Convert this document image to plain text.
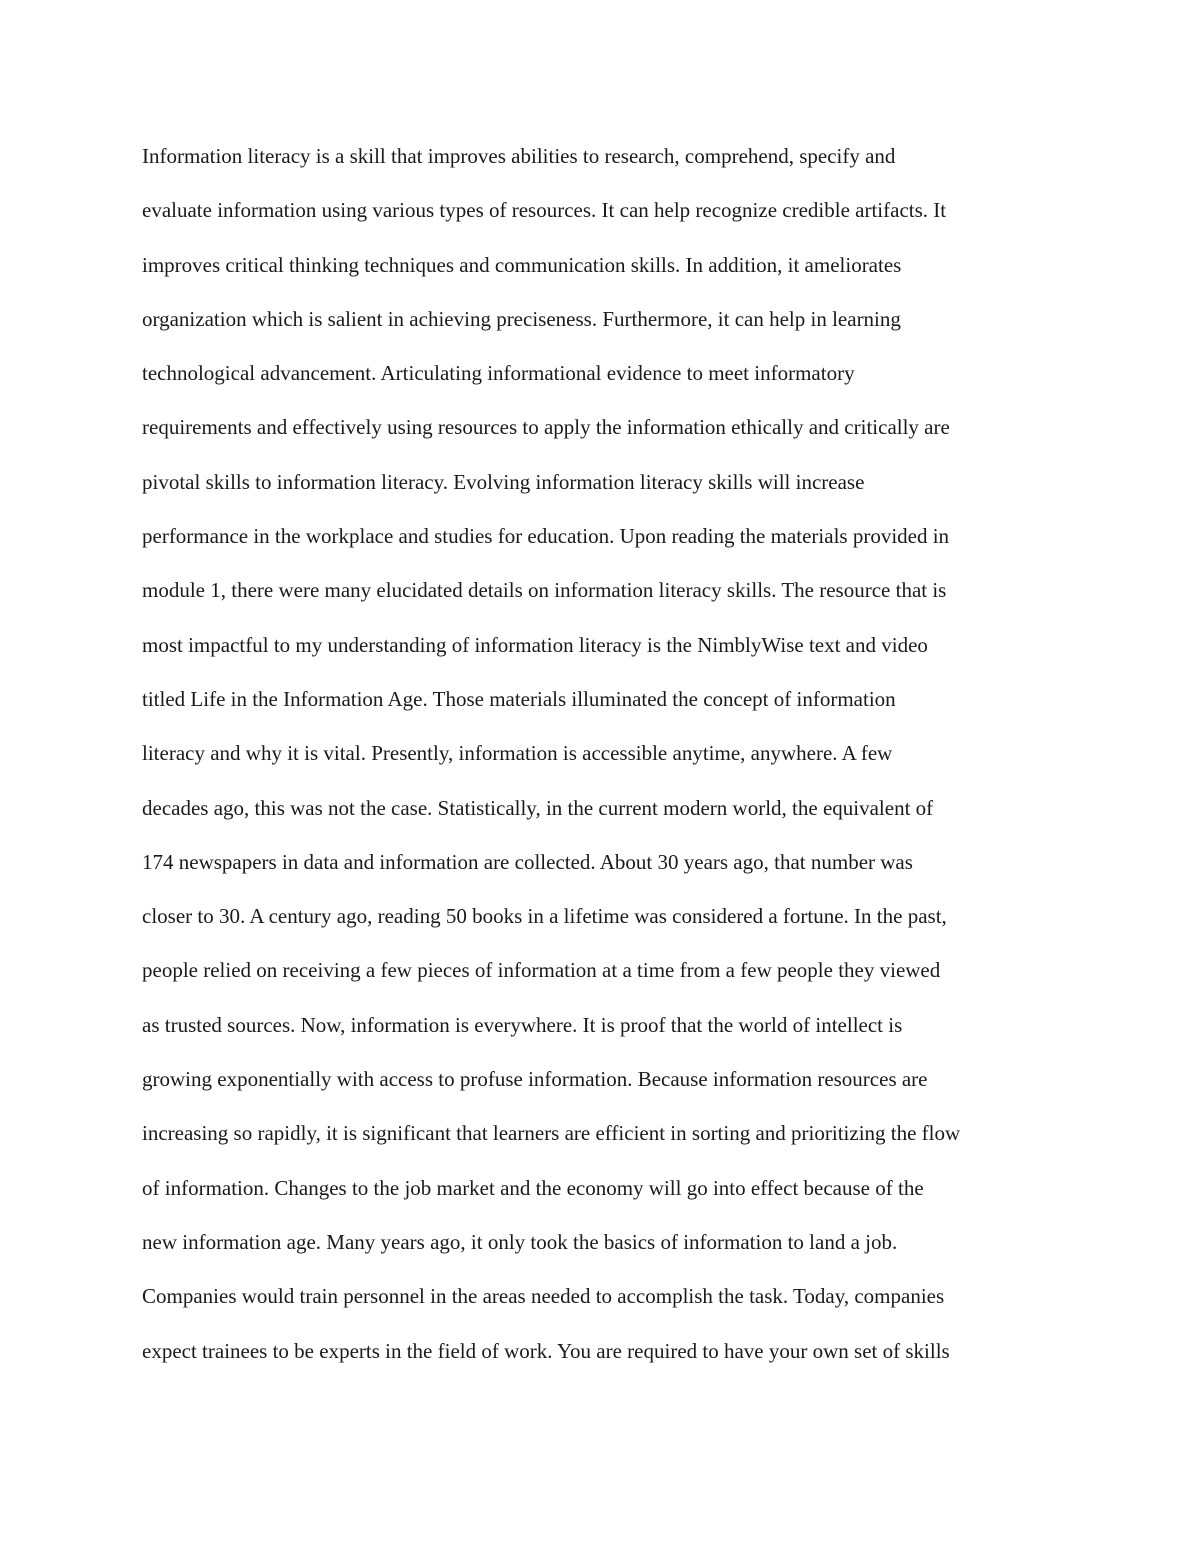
Information literacy is a skill that improves abilities to research, comprehend, specify and
evaluate information using various types of resources. It can help recognize credible artifacts. It
improves critical thinking techniques and communication skills. In addition, it ameliorates
organization which is salient in achieving preciseness. Furthermore, it can help in learning
technological advancement. Articulating informational evidence to meet informatory
requirements and effectively using resources to apply the information ethically and critically are
pivotal skills to information literacy. Evolving information literacy skills will increase
performance in the workplace and studies for education. Upon reading the materials provided in
module 1, there were many elucidated details on information literacy skills. The resource that is
most impactful to my understanding of information literacy is the NimblyWise text and video
titled Life in the Information Age. Those materials illuminated the concept of information
literacy and why it is vital. Presently, information is accessible anytime, anywhere. A few
decades ago, this was not the case. Statistically, in the current modern world, the equivalent of
174 newspapers in data and information are collected. About 30 years ago, that number was
closer to 30. A century ago, reading 50 books in a lifetime was considered a fortune. In the past,
people relied on receiving a few pieces of information at a time from a few people they viewed
as trusted sources. Now, information is everywhere. It is proof that the world of intellect is
growing exponentially with access to profuse information. Because information resources are
increasing so rapidly, it is significant that learners are efficient in sorting and prioritizing the flow
of information. Changes to the job market and the economy will go into effect because of the
new information age. Many years ago, it only took the basics of information to land a job.
Companies would train personnel in the areas needed to accomplish the task. Today, companies
expect trainees to be experts in the field of work. You are required to have your own set of skills
